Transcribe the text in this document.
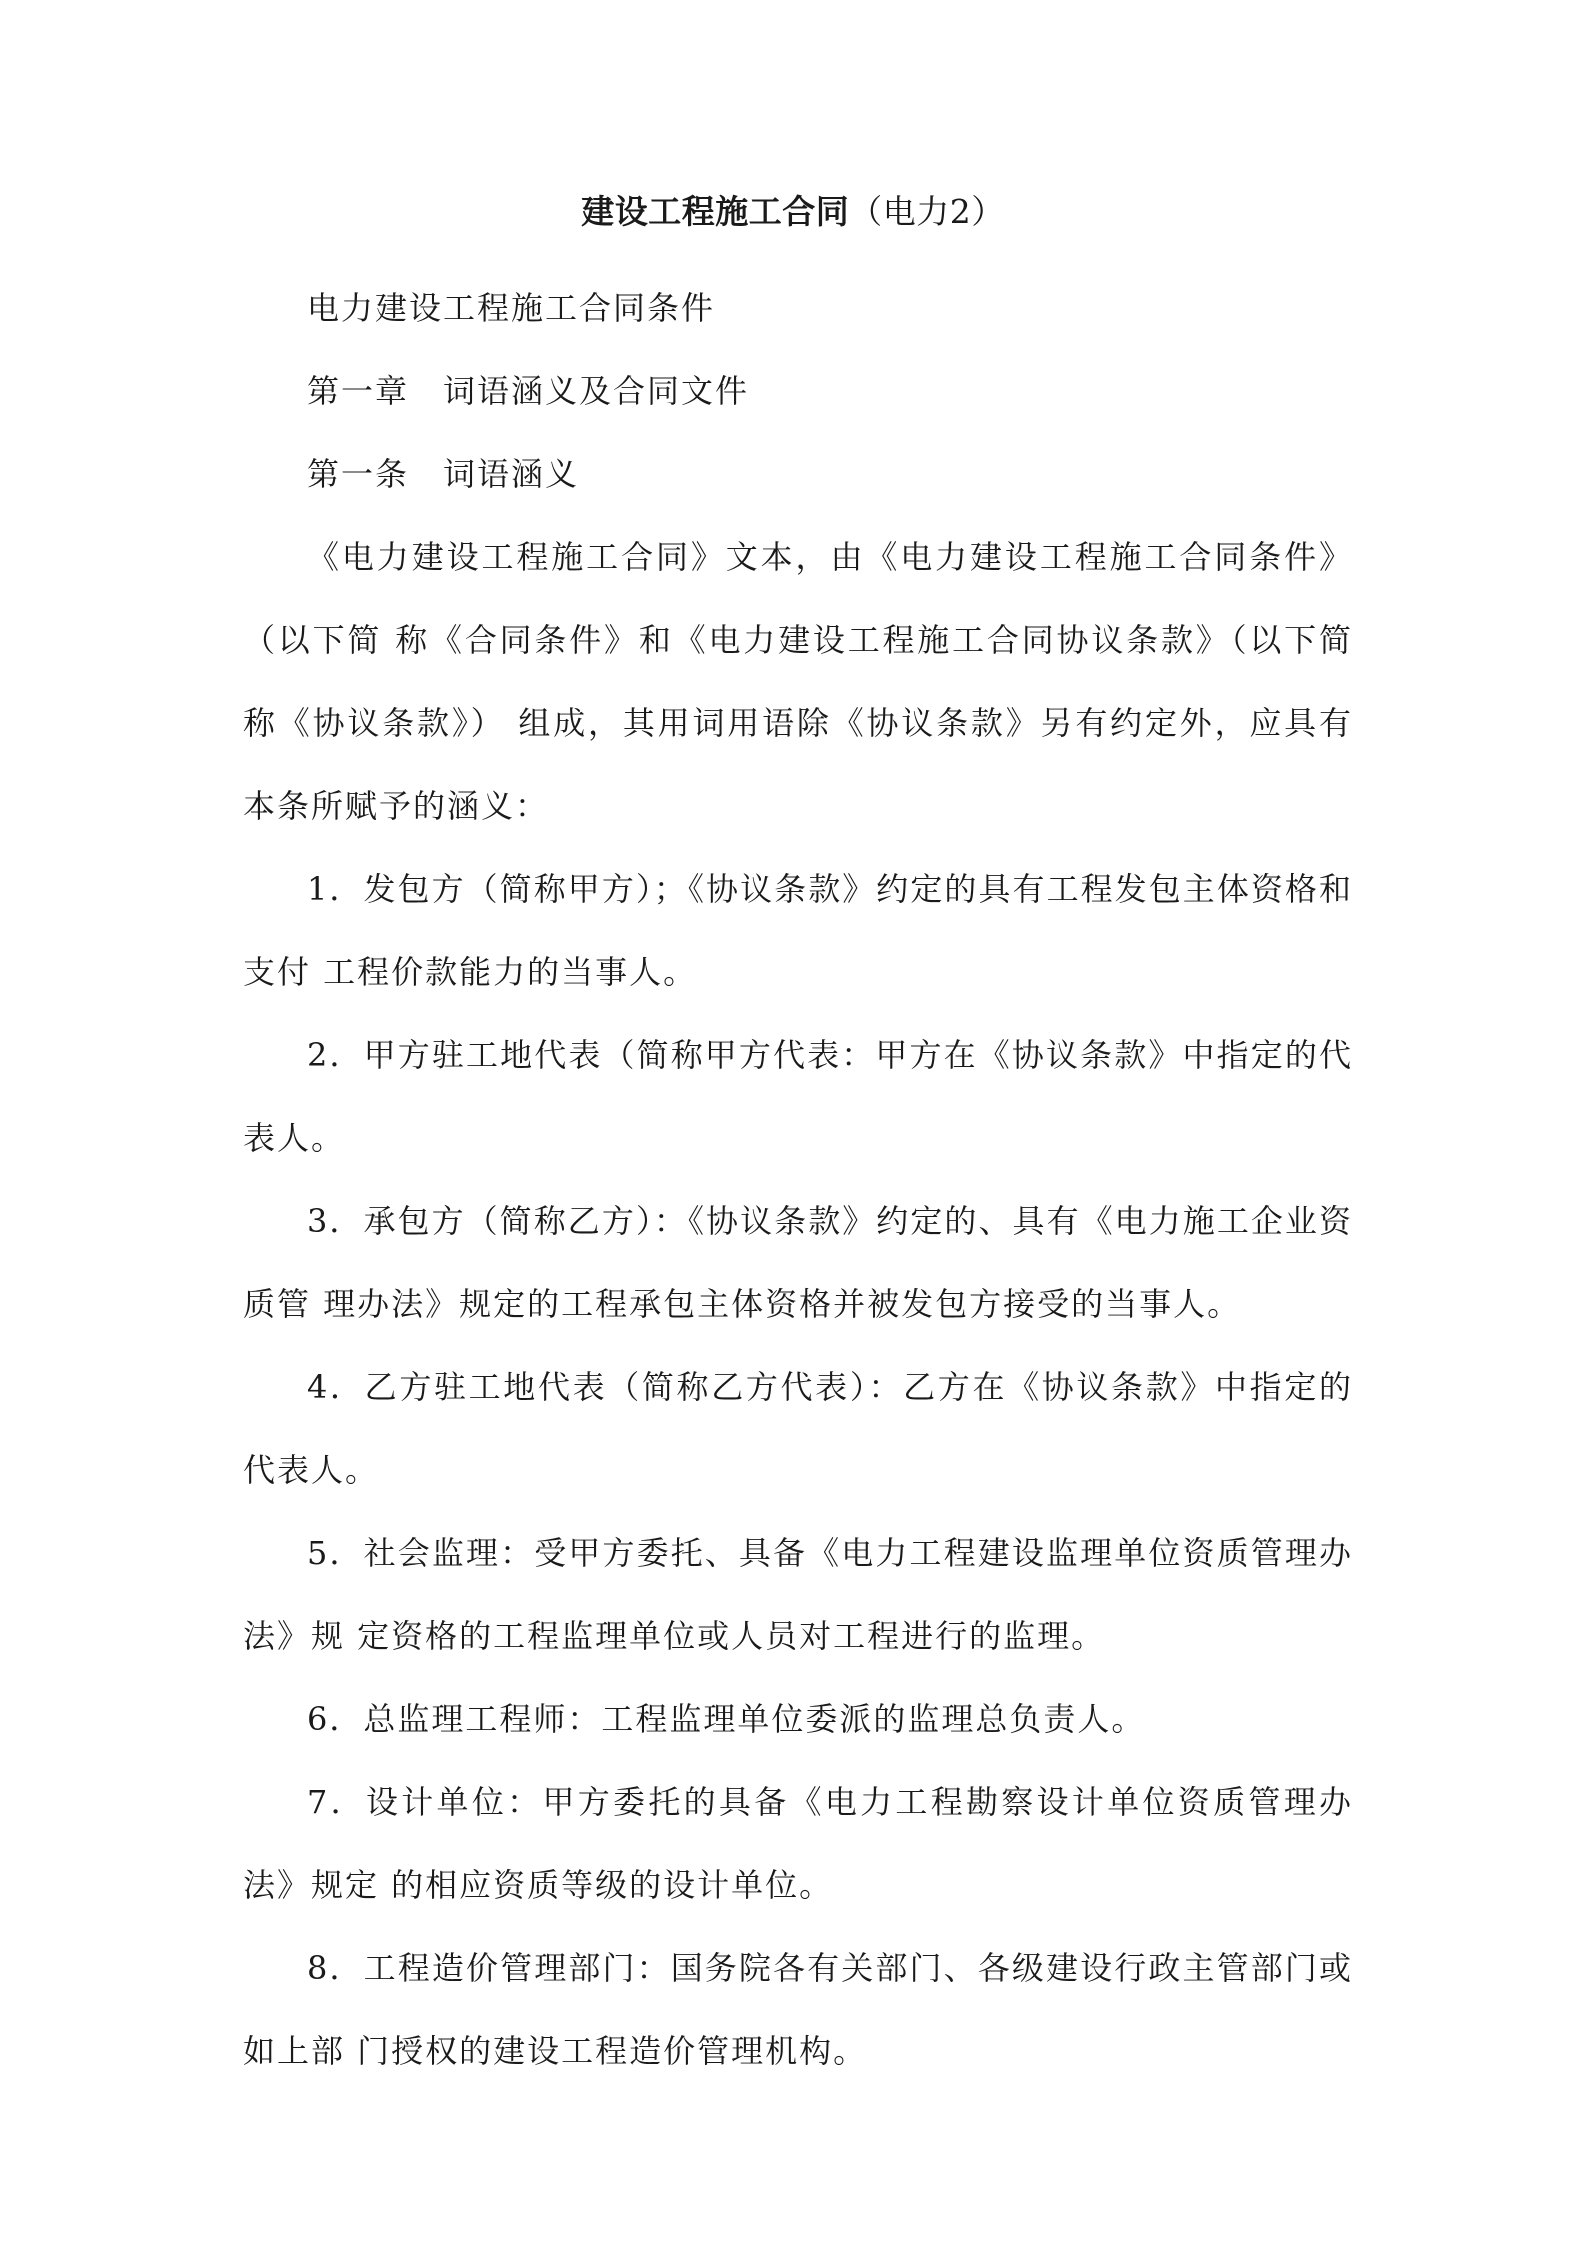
建设工程施工合同（电力2）

电力建设工程施工合同条件

第一章　词语涵义及合同文件

第一条　词语涵义

《电力建设工程施工合同》文本，由《电力建设工程施工合同条件》（以下简 称《合同条件》和《电力建设工程施工合同协议条款》（以下简称《协议条款》） 组成，其用词用语除《协议条款》另有约定外，应具有本条所赋予的涵义：

1．发包方（简称甲方）；《协议条款》约定的具有工程发包主体资格和支付 工程价款能力的当事人。

2．甲方驻工地代表（简称甲方代表：甲方在《协议条款》中指定的代表人。

3．承包方（简称乙方）：《协议条款》约定的、具有《电力施工企业资质管 理办法》规定的工程承包主体资格并被发包方接受的当事人。

4．乙方驻工地代表（简称乙方代表）：乙方在《协议条款》中指定的代表人。

5．社会监理：受甲方委托、具备《电力工程建设监理单位资质管理办法》规 定资格的工程监理单位或人员对工程进行的监理。

6．总监理工程师：工程监理单位委派的监理总负责人。

7．设计单位：甲方委托的具备《电力工程勘察设计单位资质管理办法》规定 的相应资质等级的设计单位。

8．工程造价管理部门：国务院各有关部门、各级建设行政主管部门或如上部 门授权的建设工程造价管理机构。
